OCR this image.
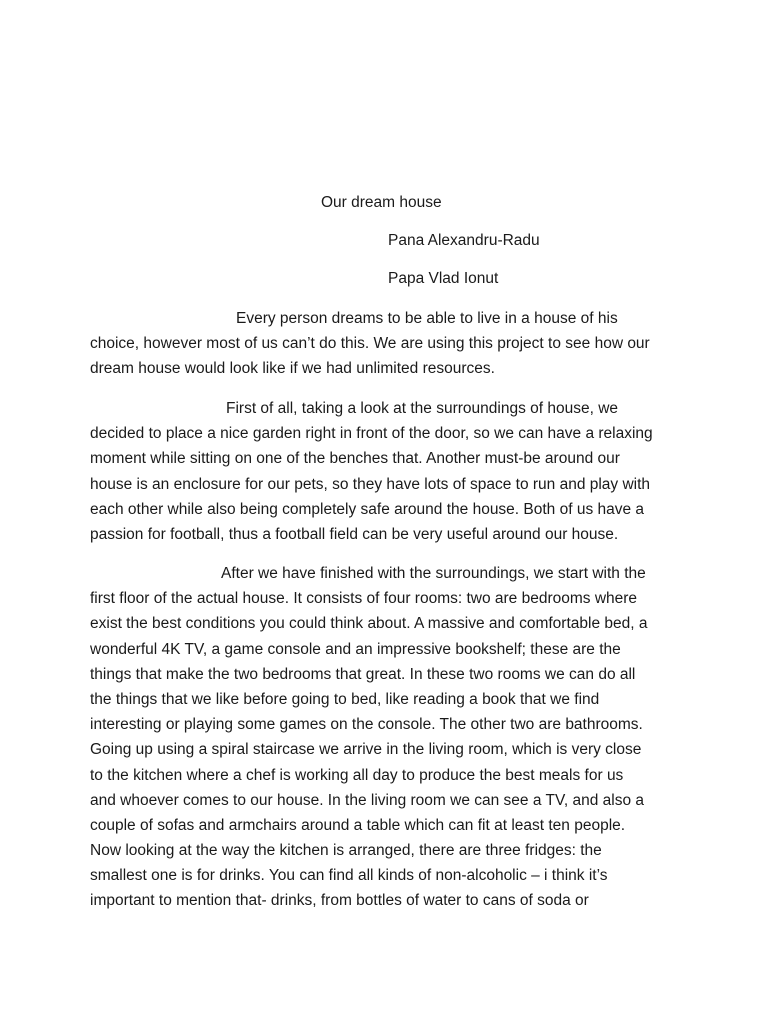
Our dream house
Pana Alexandru-Radu
Papa Vlad Ionut
Every person dreams to be able to live in a house of his
choice, however most of us can’t do this. We are using this project to see how our
dream house would look like if we had unlimited resources.
First of all, taking a look at the surroundings of house, we
decided to place a nice garden right in front of the door, so we can have a relaxing
moment while sitting on one of the benches that. Another must-be around our
house is an enclosure for our pets, so they have lots of space to run and play with
each other while also being completely safe around the house. Both of us have a
passion for football, thus a football field can be very useful around our house.
After we have finished with the surroundings, we start with the
first floor of the actual house. It consists of four rooms: two are bedrooms where
exist the best conditions you could think about. A massive and comfortable bed, a
wonderful 4K TV, a game console and an impressive bookshelf; these are the
things that make the two bedrooms that great. In these two rooms we can do all
the things that we like before going to bed, like reading a book that we find
interesting or playing some games on the console. The other two are bathrooms.
Going up using a spiral staircase we arrive in the living room, which is very close
to the kitchen where a chef is working all day to produce the best meals for us
and whoever comes to our house. In the living room we can see a TV, and also a
couple of sofas and armchairs around a table which can fit at least ten people.
Now looking at the way the kitchen is arranged, there are three fridges: the
smallest one is for drinks. You can find all kinds of non-alcoholic – i think it’s
important to mention that- drinks, from bottles of water to cans of soda or
